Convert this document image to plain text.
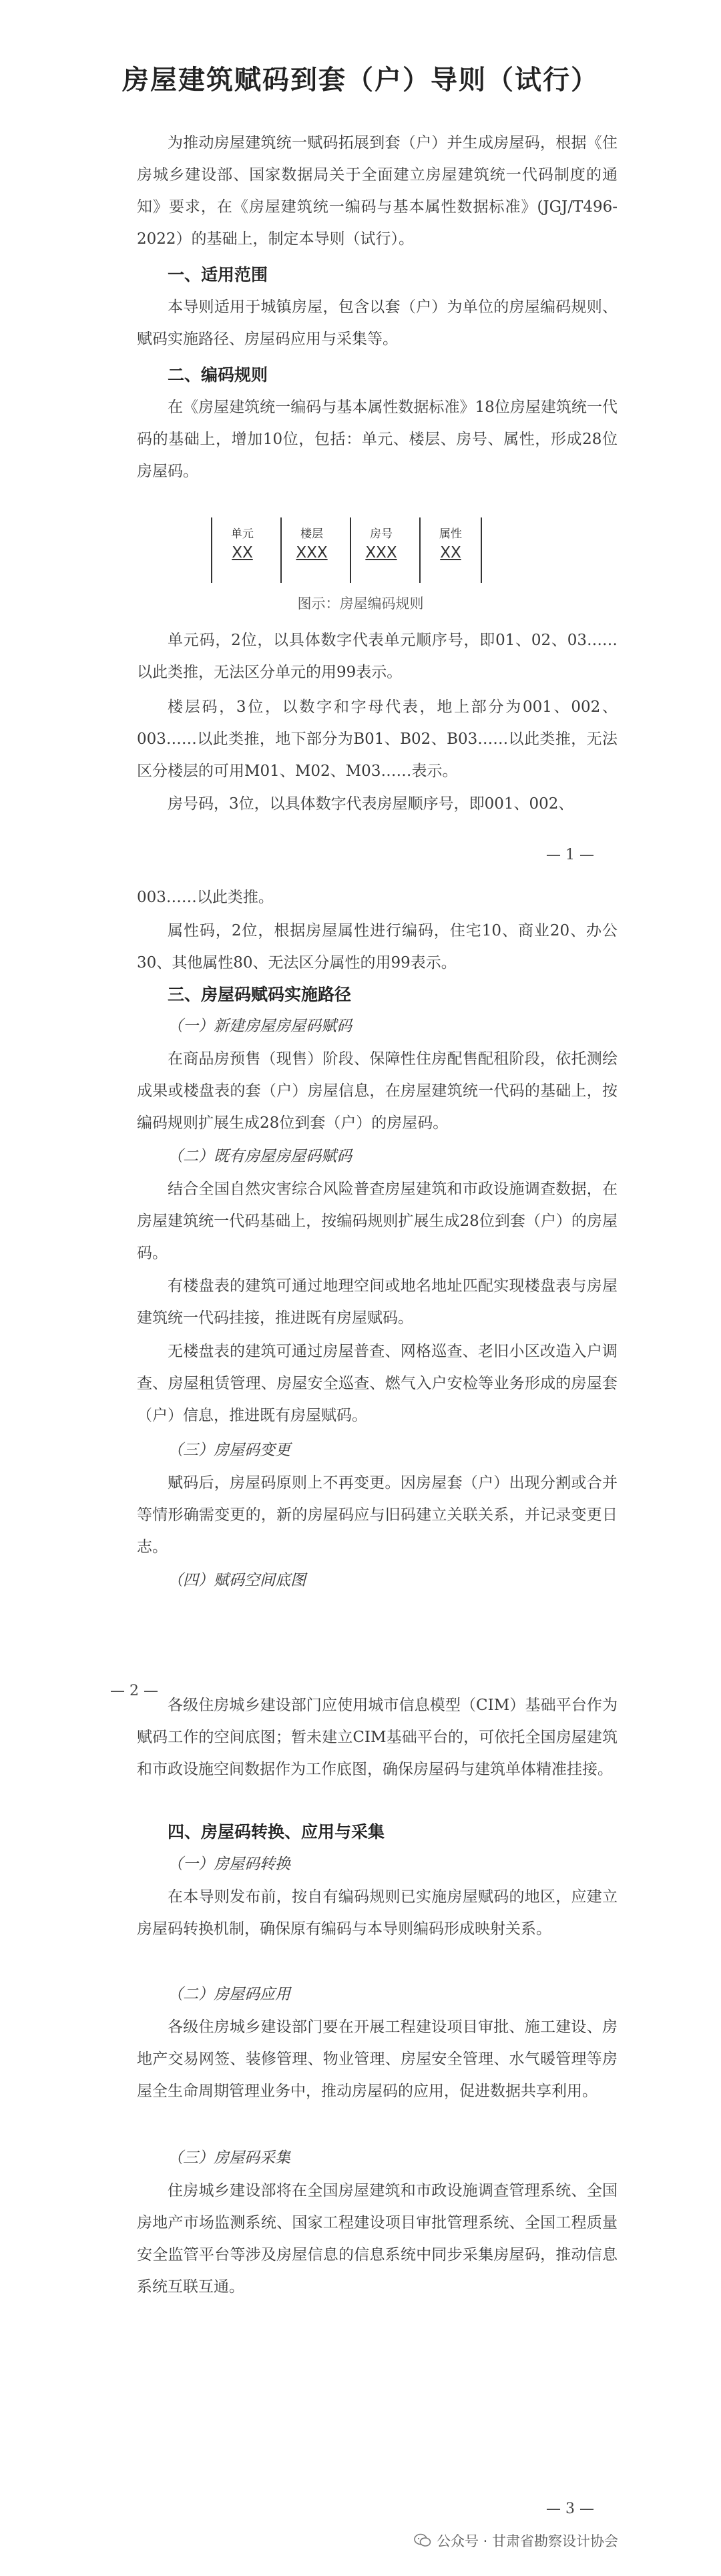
房屋建筑赋码到套（户）导则（试行）

为推动房屋建筑统一赋码拓展到套（户）并生成房屋码，根据《住房城乡建设部、国家数据局关于全面建立房屋建筑统一代码制度的通知》要求，在《房屋建筑统一编码与基本属性数据标准》(JGJ/T496-2022）的基础上，制定本导则（试行）。

一、适用范围

本导则适用于城镇房屋，包含以套（户）为单位的房屋编码规则、赋码实施路径、房屋码应用与采集等。

二、编码规则

在《房屋建筑统一编码与基本属性数据标准》18位房屋建筑统一代码的基础上，增加10位，包括：单元、楼层、房号、属性，形成28位房屋码。

单元
XX
楼层
XXX
房号
XXX
属性
XX
图示：房屋编码规则

单元码，2位，以具体数字代表单元顺序号，即01、02、03……以此类推，无法区分单元的用99表示。

楼层码，3位，以数字和字母代表，地上部分为001、002、003……以此类推，地下部分为B01、B02、B03……以此类推，无法区分楼层的可用M01、M02、M03……表示。

房号码，3位，以具体数字代表房屋顺序号，即001、002、

— 1 —

003……以此类推。

属性码，2位，根据房屋属性进行编码，住宅10、商业20、办公30、其他属性80、无法区分属性的用99表示。

三、房屋码赋码实施路径
（一）新建房屋房屋码赋码

在商品房预售（现售）阶段、保障性住房配售配租阶段，依托测绘成果或楼盘表的套（户）房屋信息，在房屋建筑统一代码的基础上，按编码规则扩展生成28位到套（户）的房屋码。

（二）既有房屋房屋码赋码

结合全国自然灾害综合风险普查房屋建筑和市政设施调查数据，在房屋建筑统一代码基础上，按编码规则扩展生成28位到套（户）的房屋码。

有楼盘表的建筑可通过地理空间或地名地址匹配实现楼盘表与房屋建筑统一代码挂接，推进既有房屋赋码。

无楼盘表的建筑可通过房屋普查、网格巡查、老旧小区改造入户调查、房屋租赁管理、房屋安全巡查、燃气入户安检等业务形成的房屋套（户）信息，推进既有房屋赋码。

（三）房屋码变更

赋码后，房屋码原则上不再变更。因房屋套（户）出现分割或合并等情形确需变更的，新的房屋码应与旧码建立关联关系，并记录变更日志。

（四）赋码空间底图
— 2 —

各级住房城乡建设部门应使用城市信息模型（CIM）基础平台作为赋码工作的空间底图；暂未建立CIM基础平台的，可依托全国房屋建筑和市政设施空间数据作为工作底图，确保房屋码与建筑单体精准挂接。

四、房屋码转换、应用与采集
（一）房屋码转换

在本导则发布前，按自有编码规则已实施房屋赋码的地区，应建立房屋码转换机制，确保原有编码与本导则编码形成映射关系。

（二）房屋码应用

各级住房城乡建设部门要在开展工程建设项目审批、施工建设、房地产交易网签、装修管理、物业管理、房屋安全管理、水气暖管理等房屋全生命周期管理业务中，推动房屋码的应用，促进数据共享利用。

（三）房屋码采集

住房城乡建设部将在全国房屋建筑和市政设施调查管理系统、全国房地产市场监测系统、国家工程建设项目审批管理系统、全国工程质量安全监管平台等涉及房屋信息的信息系统中同步采集房屋码，推动信息系统互联互通。

— 3 —
公众号 · 甘肃省勘察设计协会
